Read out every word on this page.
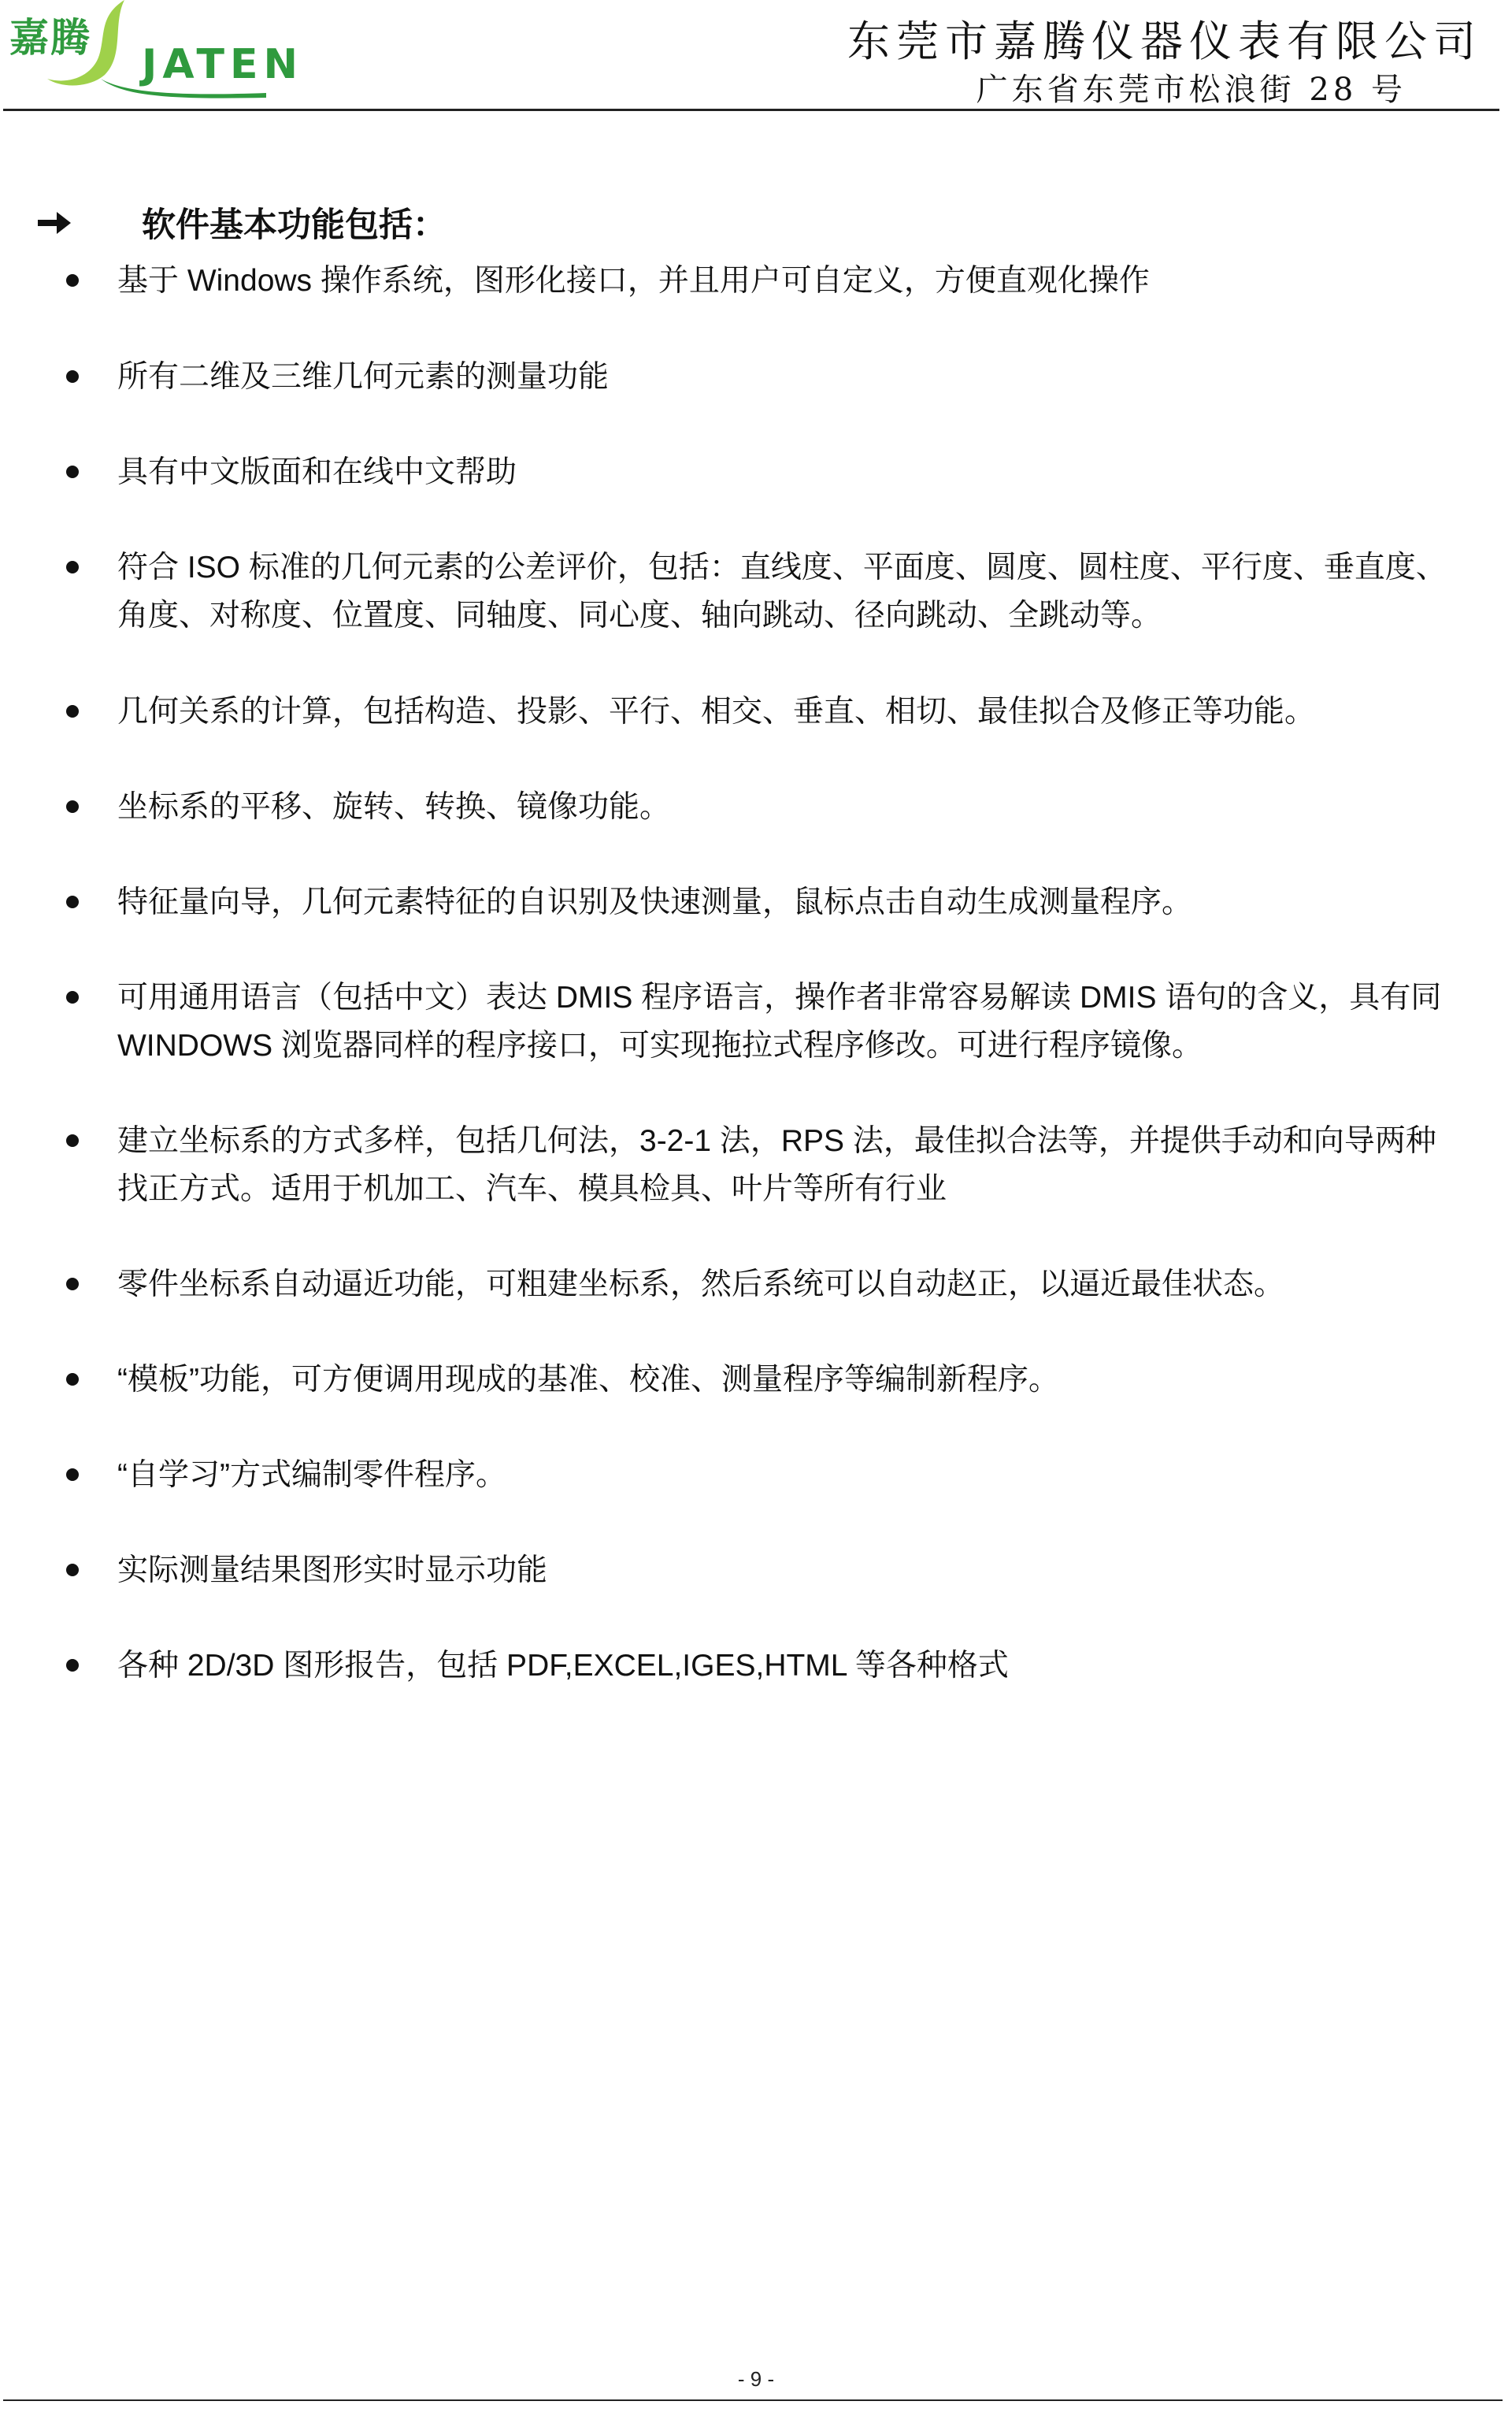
嘉腾
JATEN	东莞市嘉腾仪器仪表有限公司
广东省东莞市松浪街 28 号
软件基本功能包括：
基于 Windows 操作系统，图形化接口，并且用户可自定义，方便直观化操作
所有二维及三维几何元素的测量功能
具有中文版面和在线中文帮助
符合 ISO 标准的几何元素的公差评价，包括：直线度、平面度、圆度、圆柱度、平行度、垂直度、
角度、对称度、位置度、同轴度、同心度、轴向跳动、径向跳动、全跳动等。
几何关系的计算，包括构造、投影、平行、相交、垂直、相切、最佳拟合及修正等功能。
坐标系的平移、旋转、转换、镜像功能。
特征量向导，几何元素特征的自识别及快速测量，鼠标点击自动生成测量程序。
可用通用语言（包括中文）表达 DMIS 程序语言，操作者非常容易解读 DMIS 语句的含义，具有同
WINDOWS 浏览器同样的程序接口，可实现拖拉式程序修改。可进行程序镜像。
建立坐标系的方式多样，包括几何法，3-2-1 法，RPS 法，最佳拟合法等，并提供手动和向导两种
找正方式。适用于机加工、汽车、模具检具、叶片等所有行业
零件坐标系自动逼近功能，可粗建坐标系，然后系统可以自动赵正，以逼近最佳状态。
“模板”功能，可方便调用现成的基准、校准、测量程序等编制新程序。
“自学习”方式编制零件程序。
实际测量结果图形实时显示功能
各种 2D/3D 图形报告，包括 PDF,EXCEL,IGES,HTML 等各种格式
- 9 -
